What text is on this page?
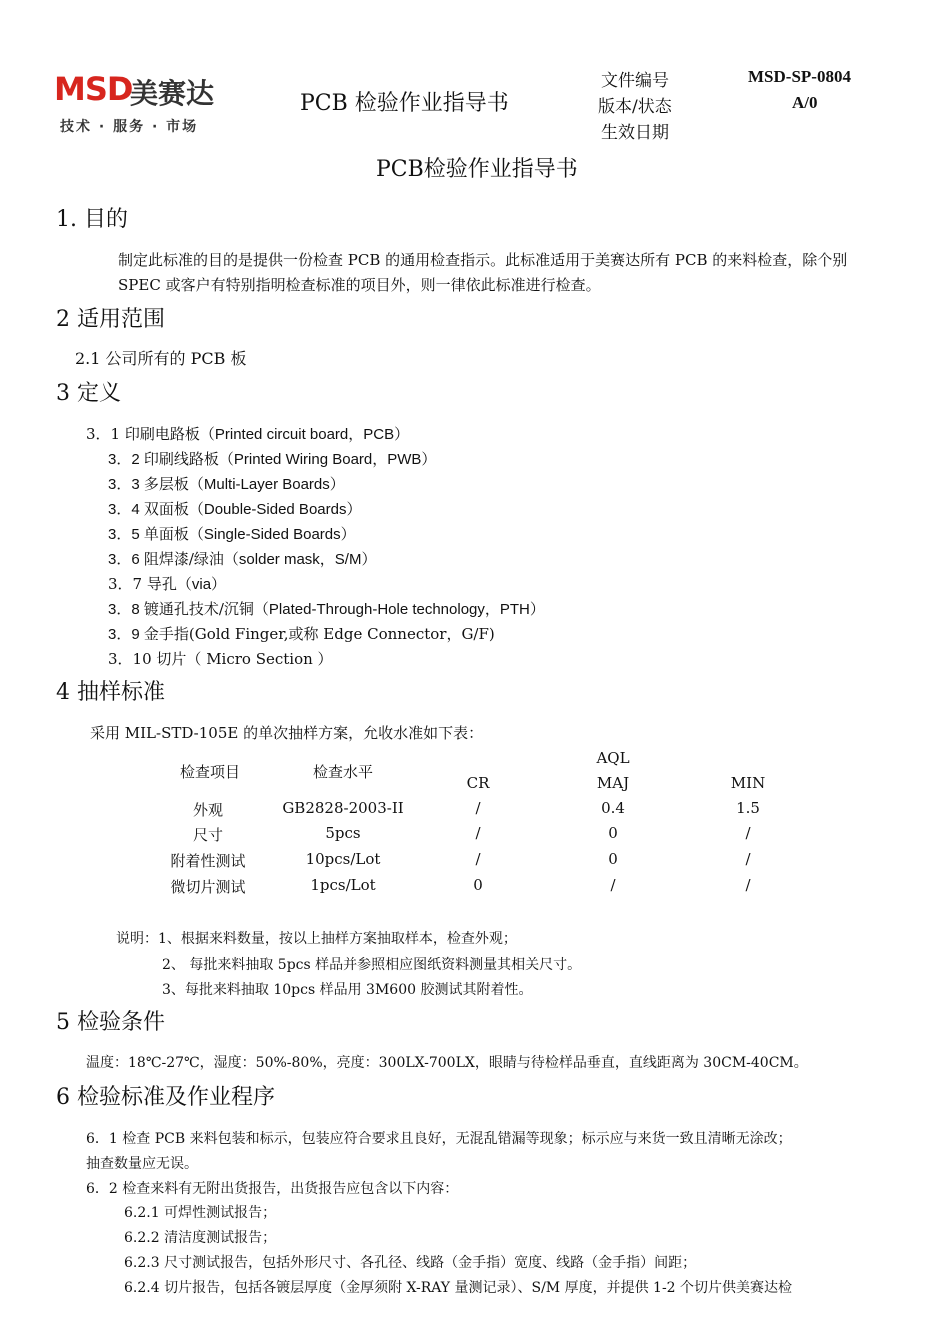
MSD
美赛达
技术 · 服务 · 市场
PCB 检验作业指导书
文件编号	MSD-SP-0804
版本/状态	A/0
生效日期
PCB检验作业指导书
1. 目的
制定此标准的目的是提供一份检查 PCB 的通用检查指示。此标准适用于美赛达所有 PCB 的来料检查，除个别
SPEC 或客户有特别指明检查标准的项目外，则一律依此标准进行检查。
2 适用范围
2.1 公司所有的 PCB 板
3 定义
3．1 印刷电路板（Printed circuit board，PCB）
3．2 印刷线路板（Printed Wiring Board，PWB）
3．3 多层板（Multi-Layer Boards）
3．4 双面板（Double-Sided Boards）
3．5 单面板（Single-Sided Boards）
3．6 阻焊漆/绿油（solder mask，S/M）
3．7 导孔（via）
3．8 镀通孔技术/沉铜（Plated-Through-Hole technology，PTH）
3．9 金手指(Gold Finger,或称 Edge Connector，G/F)
3．10 切片（ Micro Section ）
4 抽样标准
采用 MIL-STD-105E 的单次抽样方案，允收水准如下表：
检查项目	检查水平
AQL
CR	MAJ	MIN
外观	GB2828-2003-II	/	0.4	1.5
尺寸	5pcs	/	0	/
附着性测试	10pcs/Lot	/	0	/
微切片测试	1pcs/Lot	0	/	/
说明：1、根据来料数量，按以上抽样方案抽取样本，检查外观；
2、 每批来料抽取 5pcs 样品并参照相应图纸资料测量其相关尺寸。
3、每批来料抽取 10pcs 样品用 3M600 胶测试其附着性。
5 检验条件
温度：18℃-27℃，湿度：50%-80%，亮度：300LX-700LX，眼睛与待检样品垂直，直线距离为 30CM-40CM。
6 检验标准及作业程序
6．1 检查 PCB 来料包装和标示，包装应符合要求且良好，无混乱错漏等现象；标示应与来货一致且清晰无涂改；
抽查数量应无误。
6．2 检查来料有无附出货报告，出货报告应包含以下内容：
6.2.1 可焊性测试报告；
6.2.2 清洁度测试报告；
6.2.3 尺寸测试报告，包括外形尺寸、各孔径、线路（金手指）宽度、线路（金手指）间距；
6.2.4 切片报告，包括各镀层厚度（金厚须附 X-RAY 量测记录）、S/M 厚度，并提供 1-2 个切片供美赛达检
